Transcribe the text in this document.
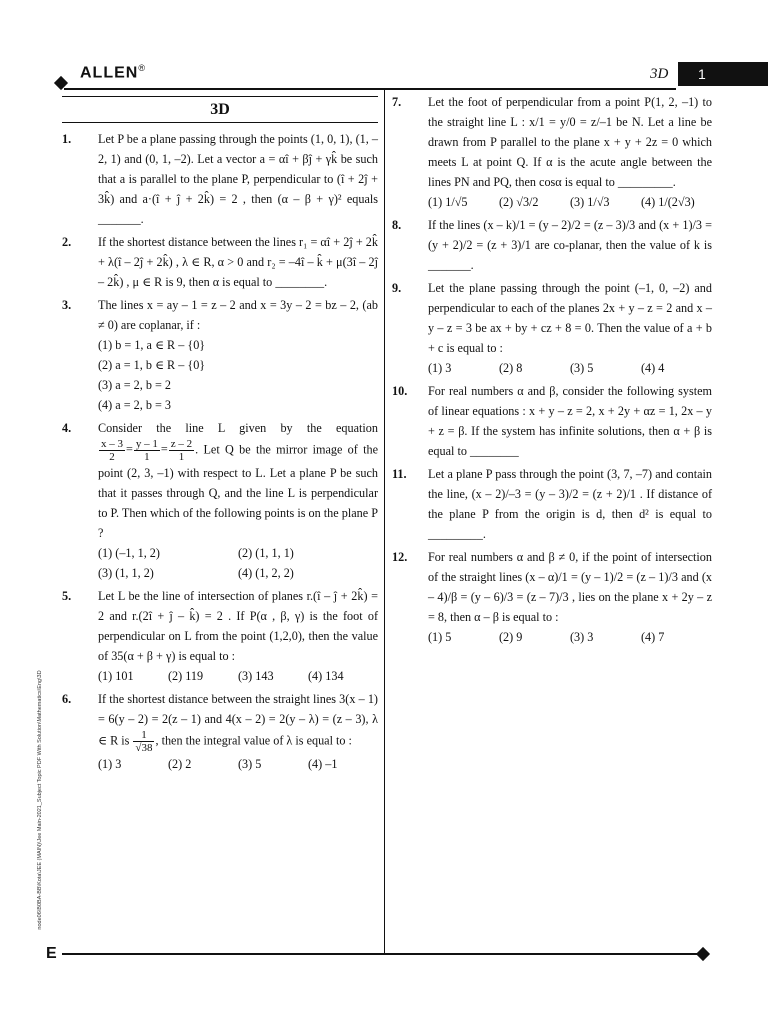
ALLEN®	3D	1
3D
1. Let P be a plane passing through the points (1, 0, 1), (1, –2, 1) and (0, 1, –2). Let a vector a = αî + βĵ + γk̂ be such that a is parallel to the plane P, perpendicular to (î + 2ĵ + 3k̂) and a·(î + ĵ + 2k̂) = 2 , then (α – β + γ)² equals _______.
2. If the shortest distance between the lines r₁ = αî + 2ĵ + 2k̂ + λ(î – 2ĵ + 2k̂) , λ ∈ R, α > 0 and r₂ = –4î – k̂ + μ(3î – 2ĵ – 2k̂) , μ ∈ R is 9, then α is equal to ________.
3. The lines x = ay – 1 = z – 2 and x = 3y – 2 = bz – 2, (ab ≠ 0) are coplanar, if :
(1) b = 1, a ∈ R – {0}
(2) a = 1, b ∈ R – {0}
(3) a = 2, b = 2
(4) a = 2, b = 3
4. Consider the line L given by the equation
$\frac{x - 3}{2} = \frac{y - 1}{1} = \frac{z - 2}{1}$ . Let Q be the mirror image of the point (2, 3, –1) with respect to L. Let a plane P be such that it passes through Q, and the line L is perpendicular to P. Then which of the following points is on the plane P ?
(1) (–1, 1, 2)	(2) (1, 1, 1)
(3) (1, 1, 2)	(4) (1, 2, 2)
5. Let L be the line of intersection of planes r.(î – ĵ + 2k̂) = 2 and r.(2î + ĵ – k̂) = 2 . If P(α , β, γ) is the foot of perpendicular on L from the point (1,2,0), then the value of 35(α + β + γ) is equal to :
(1) 101	(2) 119	(3) 143	(4) 134
6. If the shortest distance between the straight lines 3(x – 1) = 6(y – 2) = 2(z – 1) and 4(x – 2) = 2(y – λ) = (z – 3), λ ∈ R is $\frac{1}{√38}$ , then the integral value of λ is equal to :
(1) 3	(2) 2	(3) 5	(4) –1
7. Let the foot of perpendicular from a point P(1, 2, –1) to the straight line L : x/1 = y/0 = z/–1 be N. Let a line be drawn from P parallel to the plane x + y + 2z = 0 which meets L at point Q. If α is the acute angle between the lines PN and PQ, then cosα is equal to _________.
(1) 1/√5	(2) √3/2	(3) 1/√3	(4) 1/(2√3)
8. If the lines (x – k)/1 = (y – 2)/2 = (z – 3)/3 and (x + 1)/3 = (y + 2)/2 = (z + 3)/1 are co-planar, then the value of k is _______.
9. Let the plane passing through the point (–1, 0, –2) and perpendicular to each of the planes 2x + y – z = 2 and x – y – z = 3 be ax + by + cz + 8 = 0. Then the value of a + b + c is equal to :
(1) 3	(2) 8	(3) 5	(4) 4
10. For real numbers α and β, consider the following system of linear equations : x + y – z = 2, x + 2y + αz = 1, 2x – y + z = β. If the system has infinite solutions, then α + β is equal to ________
11. Let a plane P pass through the point (3, 7, –7) and contain the line, (x – 2)/–3 = (y – 3)/2 = (z + 2)/1 . If distance of the plane P from the origin is d, then d² is equal to _________.
12. For real numbers α and β ≠ 0, if the point of intersection of the straight lines (x – α)/1 = (y – 1)/2 = (z – 1)/3 and (x – 4)/β = (y – 6)/3 = (z – 7)/3 , lies on the plane x + 2y – z = 8, then α – β is equal to :
(1) 5	(2) 9	(3) 3	(4) 7
node06\B0BA-BB\Kota\JEE (MAIN)\Jee Main-2021_Subject Topic PDF With Solution\Mathematics\Eng\3D
E
